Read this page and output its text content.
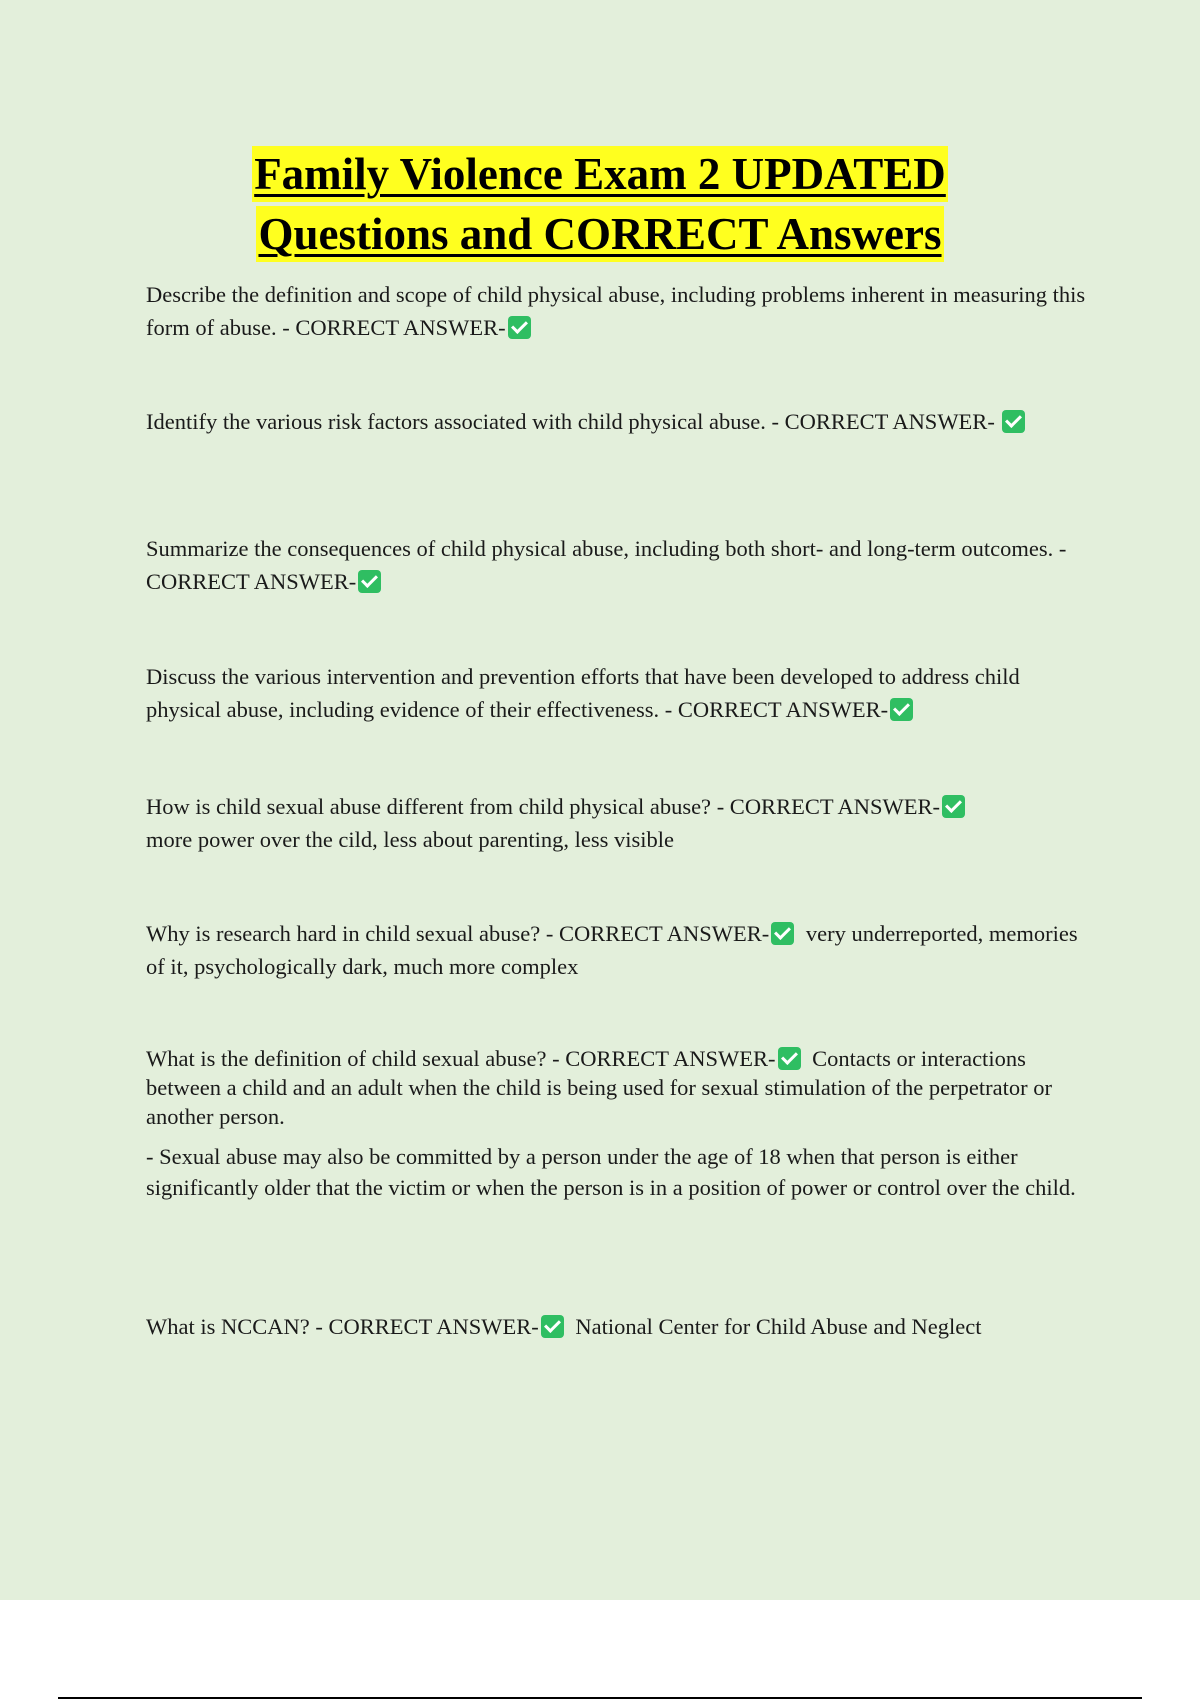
Family Violence Exam 2 UPDATED
Questions and CORRECT Answers

Describe the definition and scope of child physical abuse, including problems inherent in measuring this form of abuse. - CORRECT ANSWER-

Identify the various risk factors associated with child physical abuse. - CORRECT ANSWER-

Summarize the consequences of child physical abuse, including both short- and long-term outcomes. - CORRECT ANSWER-

Discuss the various intervention and prevention efforts that have been developed to address child physical abuse, including evidence of their effectiveness. - CORRECT ANSWER-

How is child sexual abuse different from child physical abuse? - CORRECT ANSWER-
more power over the cild, less about parenting, less visible

Why is research hard in child sexual abuse? - CORRECT ANSWER- very underreported, memories of it, psychologically dark, much more complex

What is the definition of child sexual abuse? - CORRECT ANSWER- Contacts or interactions between a child and an adult when the child is being used for sexual stimulation of the perpetrator or another person.

- Sexual abuse may also be committed by a person under the age of 18 when that person is either significantly older that the victim or when the person is in a position of power or control over the child.

What is NCCAN? - CORRECT ANSWER- National Center for Child Abuse and Neglect
